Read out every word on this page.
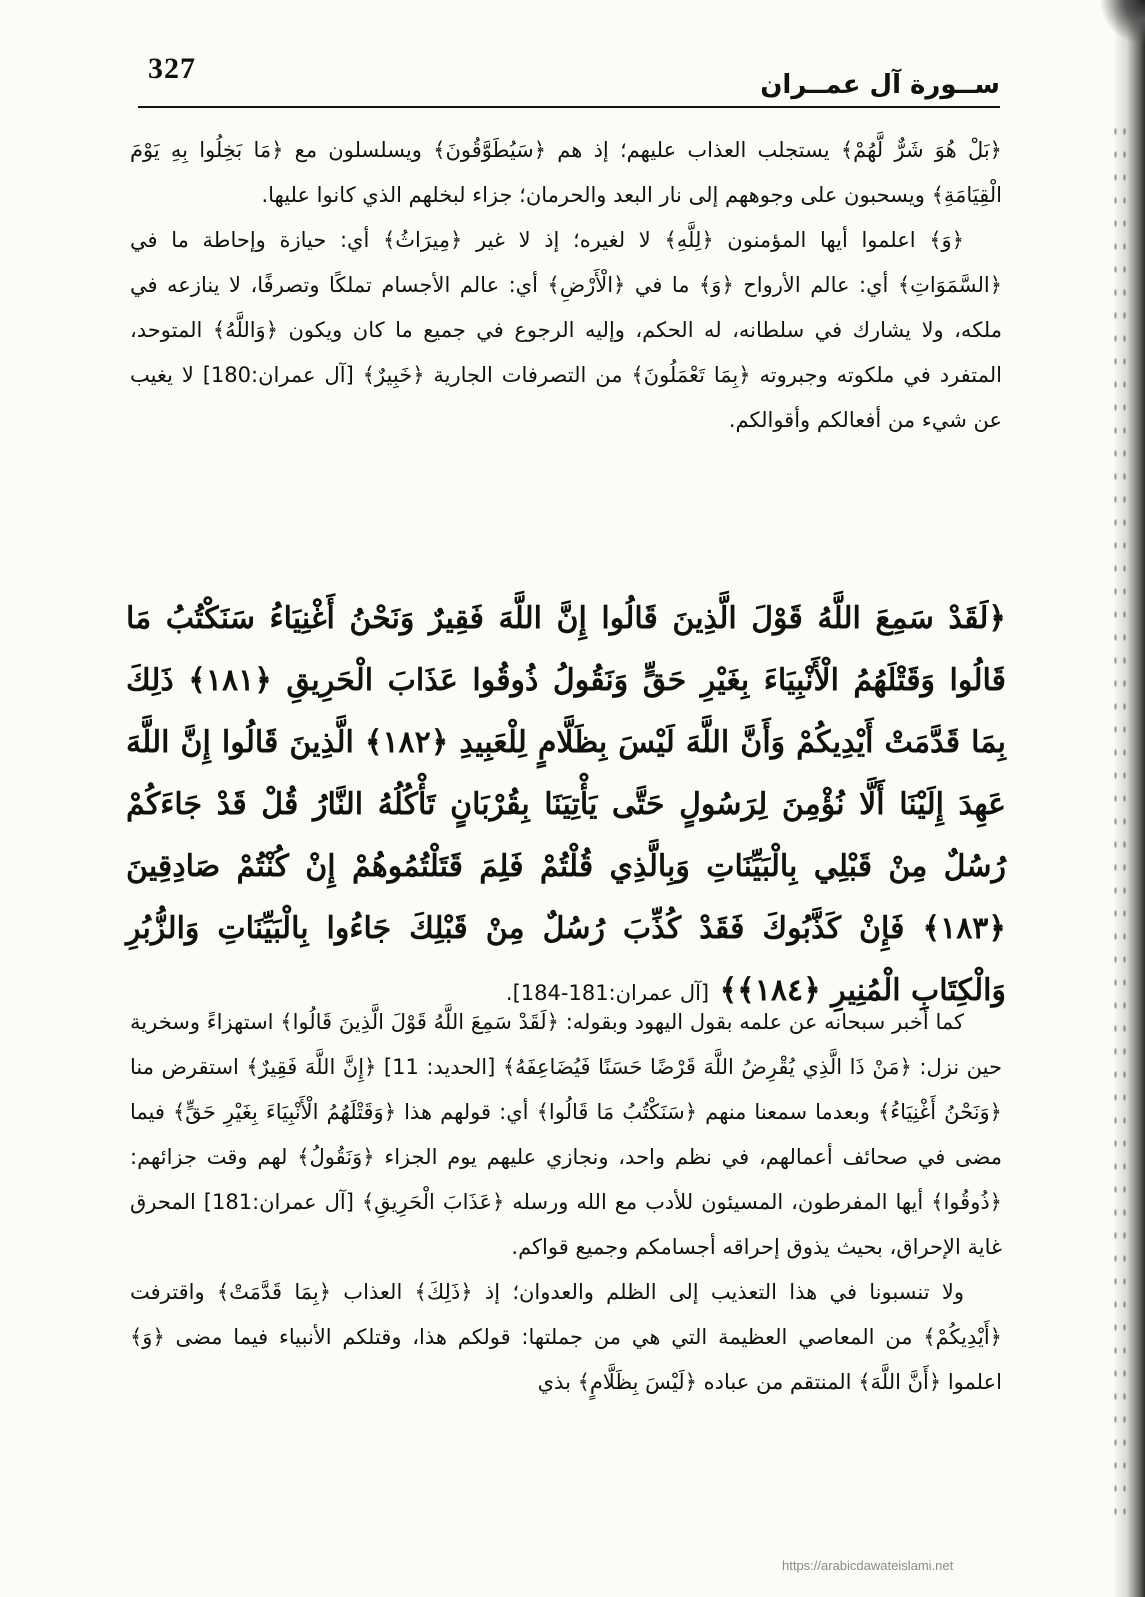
327	ســورة آل عمــران

﴿بَلْ هُوَ شَرٌّ لَّهُمْ﴾ يستجلب العذاب عليهم؛ إذ هم ﴿سَيُطَوَّقُونَ﴾ ويسلسلون مع ﴿مَا بَخِلُوا بِهِ يَوْمَ الْقِيَامَةِ﴾ ويسحبون على وجوههم إلى نار البعد والحرمان؛ جزاء لبخلهم الذي كانوا عليها.

﴿وَ﴾ اعلموا أيها المؤمنون ﴿لِلَّهِ﴾ لا لغيره؛ إذ لا غير ﴿مِيرَاثُ﴾ أي: حيازة وإحاطة ما في ﴿السَّمَوَاتِ﴾ أي: عالم الأرواح ﴿وَ﴾ ما في ﴿الْأَرْضِ﴾ أي: عالم الأجسام تملكًا وتصرفًا، لا ينازعه في ملكه، ولا يشارك في سلطانه، له الحكم، وإليه الرجوع في جميع ما كان ويكون ﴿وَاللَّهُ﴾ المتوحد، المتفرد في ملكوته وجبروته ﴿بِمَا تَعْمَلُونَ﴾ من التصرفات الجارية ﴿خَبِيرٌ﴾ [آل عمران:180] لا يغيب عن شيء من أفعالكم وأقوالكم.

﴿لَقَدْ سَمِعَ اللَّهُ قَوْلَ الَّذِينَ قَالُوا إِنَّ اللَّهَ فَقِيرٌ وَنَحْنُ أَغْنِيَاءُ سَنَكْتُبُ مَا قَالُوا وَقَتْلَهُمُ الْأَنْبِيَاءَ بِغَيْرِ حَقٍّ وَنَقُولُ ذُوقُوا عَذَابَ الْحَرِيقِ ﴿١٨١﴾ ذَلِكَ بِمَا قَدَّمَتْ أَيْدِيكُمْ وَأَنَّ اللَّهَ لَيْسَ بِظَلَّامٍ لِلْعَبِيدِ ﴿١٨٢﴾ الَّذِينَ قَالُوا إِنَّ اللَّهَ عَهِدَ إِلَيْنَا أَلَّا نُؤْمِنَ لِرَسُولٍ حَتَّى يَأْتِيَنَا بِقُرْبَانٍ تَأْكُلُهُ النَّارُ قُلْ قَدْ جَاءَكُمْ رُسُلٌ مِنْ قَبْلِي بِالْبَيِّنَاتِ وَبِالَّذِي قُلْتُمْ فَلِمَ قَتَلْتُمُوهُمْ إِنْ كُنْتُمْ صَادِقِينَ ﴿١٨٣﴾ فَإِنْ كَذَّبُوكَ فَقَدْ كُذِّبَ رُسُلٌ مِنْ قَبْلِكَ جَاءُوا بِالْبَيِّنَاتِ وَالزُّبُرِ وَالْكِتَابِ الْمُنِيرِ ﴿١٨٤﴾﴾ [آل عمران:181-184].

كما أخبر سبحانه عن علمه بقول اليهود وبقوله: ﴿لَقَدْ سَمِعَ اللَّهُ قَوْلَ الَّذِينَ قَالُوا﴾ استهزاءً وسخرية حين نزل: ﴿مَنْ ذَا الَّذِي يُقْرِضُ اللَّهَ قَرْضًا حَسَنًا فَيُضَاعِفَهُ﴾ [الحديد: 11] ﴿إِنَّ اللَّهَ فَقِيرٌ﴾ استقرض منا ﴿وَنَحْنُ أَغْنِيَاءُ﴾ وبعدما سمعنا منهم ﴿سَنَكْتُبُ مَا قَالُوا﴾ أي: قولهم هذا ﴿وَقَتْلَهُمُ الْأَنْبِيَاءَ بِغَيْرِ حَقٍّ﴾ فيما مضى في صحائف أعمالهم، في نظم واحد، ونجازي عليهم يوم الجزاء ﴿وَنَقُولُ﴾ لهم وقت جزائهم: ﴿ذُوقُوا﴾ أيها المفرطون، المسيئون للأدب مع الله ورسله ﴿عَذَابَ الْحَرِيقِ﴾ [آل عمران:181] المحرق غاية الإحراق، بحيث يذوق إحراقه أجسامكم وجميع قواكم.

ولا تنسبونا في هذا التعذيب إلى الظلم والعدوان؛ إذ ﴿ذَلِكَ﴾ العذاب ﴿بِمَا قَدَّمَتْ﴾ واقترفت ﴿أَيْدِيكُمْ﴾ من المعاصي العظيمة التي هي من جملتها: قولكم هذا، وقتلكم الأنبياء فيما مضى ﴿وَ﴾ اعلموا ﴿أَنَّ اللَّهَ﴾ المنتقم من عباده ﴿لَيْسَ بِظَلَّامٍ﴾ بذي

https://arabicdawateislami.net
